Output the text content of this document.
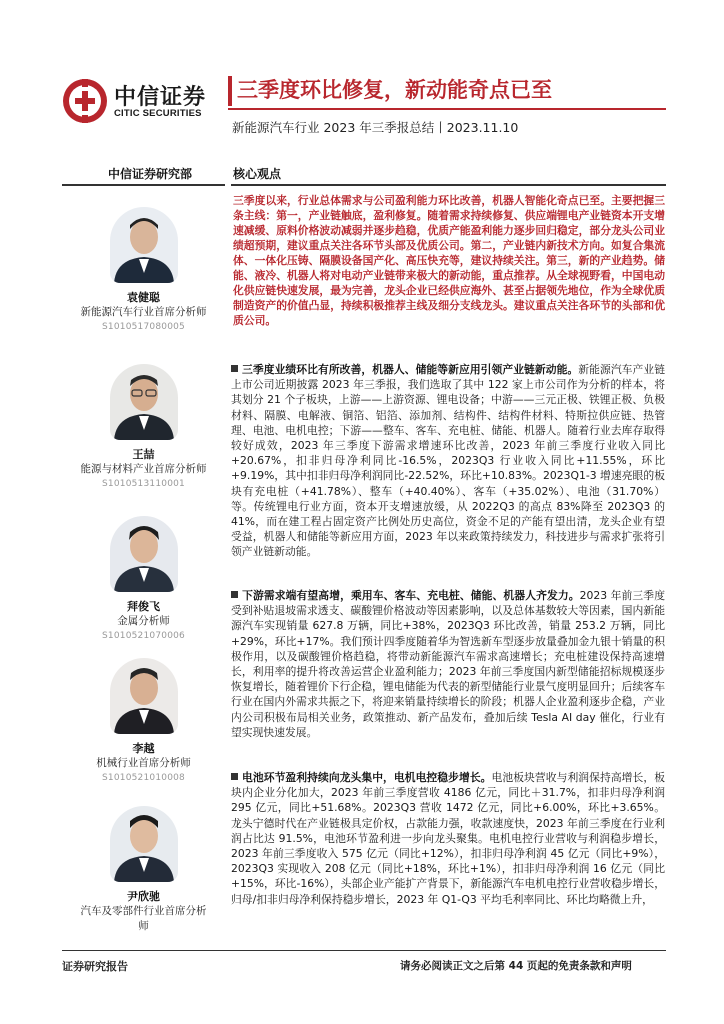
中信证券
CITIC SECURITIES
三季度环比修复，新动能奇点已至
新能源汽车行业 2023 年三季报总结丨2023.11.10
中信证券研究部	核心观点
袁健聪
新能源汽车行业首席分析师
S1010517080005
王喆
能源与材料产业首席分析师
S1010513110001
拜俊飞
金属分析师
S1010521070006
李越
机械行业首席分析师
S1010521010008
尹欣驰
汽车及零部件行业首席分析师
三季度以来，行业总体需求与公司盈利能力环比改善，机器人智能化奇点已至。主要把握三条主线：第一，产业链触底，盈利修复。随着需求持续修复、供应端锂电产业链资本开支增速减缓、原料价格波动减弱并逐步趋稳，优质产能盈利能力逐步回归稳定，部分龙头公司业绩超预期，建议重点关注各环节头部及优质公司。第二，产业链内新技术方向。如复合集流体、一体化压铸、隔膜设备国产化、高压快充等，建议持续关注。第三，新的产业趋势。储能、液冷、机器人将对电动产业链带来极大的新动能，重点推荐。从全球视野看，中国电动化供应链快速发展，最为完善，龙头企业已经供应海外、甚至占据领先地位，作为全球优质制造资产的价值凸显，持续积极推荐主线及细分支线龙头。建议重点关注各环节的头部和优质公司。
三季度业绩环比有所改善，机器人、储能等新应用引领产业链新动能。新能源汽车产业链上市公司近期披露 2023 年三季报，我们选取了其中 122 家上市公司作为分析的样本，将其划分 21 个子板块，上游——上游资源、锂电设备；中游——三元正极、铁锂正极、负极材料、隔膜、电解液、铜箔、铝箔、添加剂、结构件、结构件材料、特斯拉供应链、热管理、电池、电机电控；下游——整车、客车、充电桩、储能、机器人。随着行业去库存取得较好成效，2023 年三季度下游需求增速环比改善，2023 年前三季度行业收入同比+20.67%，扣非归母净利同比-16.5%，2023Q3 行业收入同比+11.55%，环比+9.19%，其中扣非归母净利润同比-22.52%，环比+10.83%。2023Q1-3 增速亮眼的板块有充电桩（+41.78%）、整车（+40.40%）、客车（+35.02%）、电池（31.70%）等。传统锂电行业方面，资本开支增速放缓，从 2022Q3 的高点 83%降至 2023Q3 的 41%，而在建工程占固定资产比例处历史高位，资金不足的产能有望出清，龙头企业有望受益，机器人和储能等新应用方面，2023 年以来政策持续发力，科技进步与需求扩张将引领产业链新动能。
下游需求端有望高增，乘用车、客车、充电桩、储能、机器人齐发力。2023 年前三季度受到补贴退坡需求透支、碳酸锂价格波动等因素影响，以及总体基数较大等因素，国内新能源汽车实现销量 627.8 万辆，同比+38%，2023Q3 环比改善，销量 253.2 万辆，同比+29%，环比+17%。我们预计四季度随着华为智选新车型逐步放量叠加金九银十销量的积极作用，以及碳酸锂价格趋稳，将带动新能源汽车需求高速增长；充电桩建设保持高速增长，利用率的提升将改善运营企业盈利能力；2023 年前三季度国内新型储能招标规模逐步恢复增长，随着锂价下行企稳，锂电储能为代表的新型储能行业景气度明显回升；后续客车行业在国内外需求共振之下，将迎来销量持续增长的阶段；机器人企业盈利逐步企稳，产业内公司积极布局相关业务，政策推动、新产品发布，叠加后续 Tesla AI day 催化，行业有望实现快速发展。
电池环节盈利持续向龙头集中，电机电控稳步增长。电池板块营收与利润保持高增长，板块内企业分化加大，2023 年前三季度营收 4186 亿元，同比＋31.7%，扣非归母净利润 295 亿元，同比+51.68%。2023Q3 营收 1472 亿元，同比+6.00%，环比+3.65%。龙头宁德时代在产业链极具定价权，占款能力强，收款速度快，2023 年前三季度在行业利润占比达 91.5%，电池环节盈利进一步向龙头聚集。电机电控行业营收与利润稳步增长，2023 年前三季度收入 575 亿元（同比+12%），扣非归母净利润 45 亿元（同比+9%），2023Q3 实现收入 208 亿元（同比+18%，环比+1%），扣非归母净利润 16 亿元（同比+15%，环比-16%），头部企业产能扩产背景下，新能源汽车电机电控行业营收稳步增长，归母/扣非归母净利保持稳步增长，2023 年 Q1-Q3 平均毛利率同比、环比均略微上升，
证券研究报告	请务必阅读正文之后第 44 页起的免责条款和声明
